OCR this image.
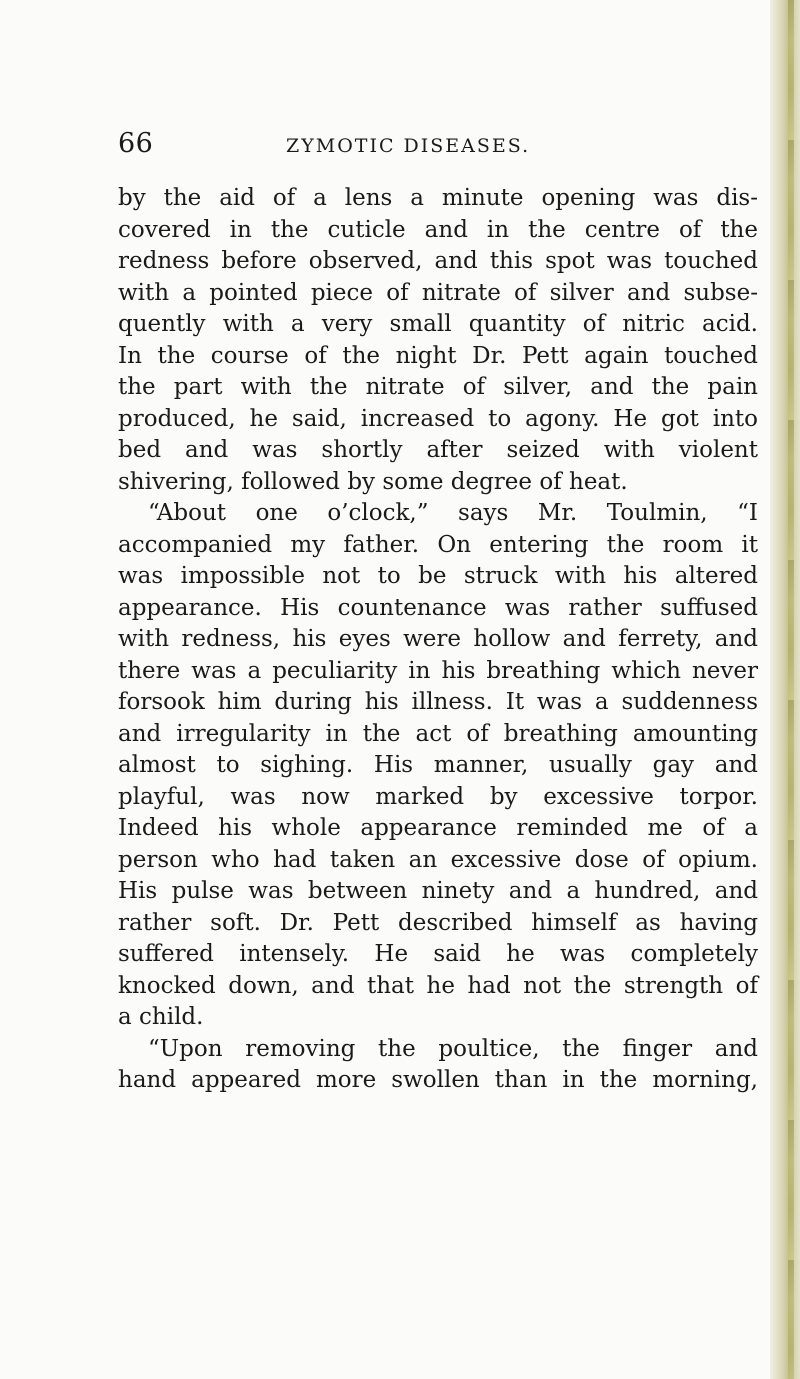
66	ZYMOTIC DISEASES.
by the aid of a lens a minute opening was dis-
covered in the cuticle and in the centre of the
redness before observed, and this spot was touched
with a pointed piece of nitrate of silver and subse-
quently with a very small quantity of nitric acid.
In the course of the night Dr. Pett again touched
the part with the nitrate of silver, and the pain
produced, he said, increased to agony. He got into
bed and was shortly after seized with violent
shivering, followed by some degree of heat.
“About one o’clock,” says Mr. Toulmin, “I
accompanied my father. On entering the room it
was impossible not to be struck with his altered
appearance. His countenance was rather suffused
with redness, his eyes were hollow and ferrety, and
there was a peculiarity in his breathing which never
forsook him during his illness. It was a suddenness
and irregularity in the act of breathing amounting
almost to sighing. His manner, usually gay and
playful, was now marked by excessive torpor.
Indeed his whole appearance reminded me of a
person who had taken an excessive dose of opium.
His pulse was between ninety and a hundred, and
rather soft. Dr. Pett described himself as having
suffered intensely. He said he was completely
knocked down, and that he had not the strength of
a child.
“Upon removing the poultice, the finger and
hand appeared more swollen than in the morning,
